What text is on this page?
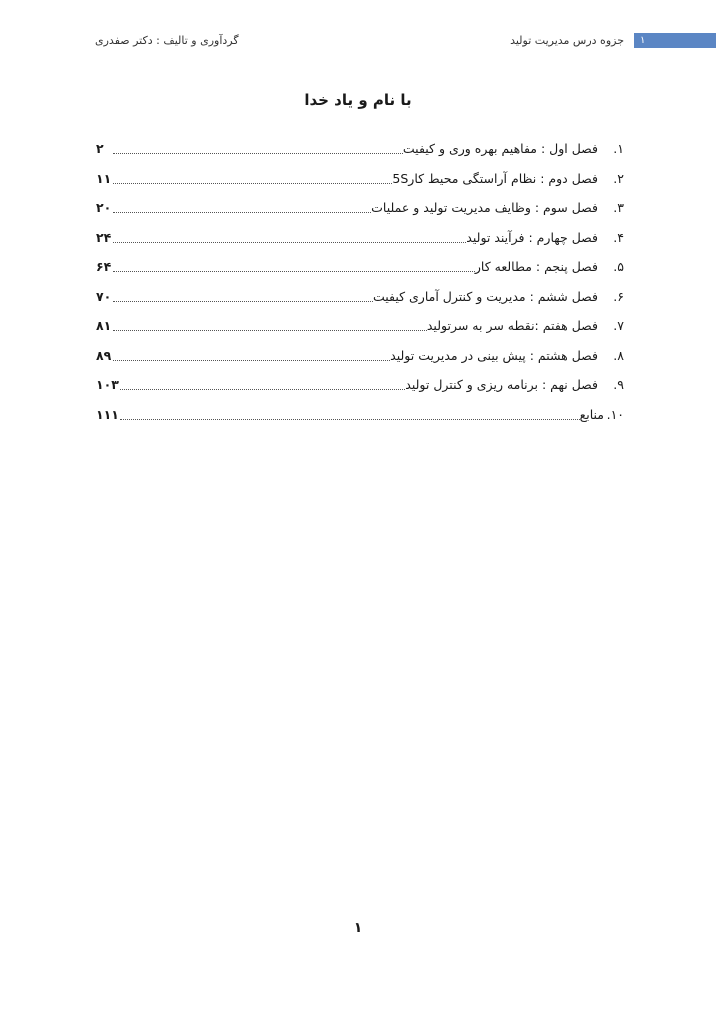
۱
جزوه درس مدیریت تولید
گردآوری و تالیف : دکتر صفدری
با نام و یاد خدا
۱.
فصل اول : مفاهیم بهره وری و کیفیت
۲
۲.
فصل دوم : نظام آراستگی محیط کار5S
۱۱
۳.
فصل سوم : وظایف مدیریت تولید و عملیات
۲۰
۴.
فصل چهارم : فرآیند تولید
۲۴
۵.
فصل پنجم : مطالعه کار
۶۴
۶.
فصل ششم : مدیریت و کنترل آماری کیفیت
۷۰
۷.
فصل هفتم :نقطه سر به سرتولید
۸۱
۸.
فصل هشتم : پیش بینی در مدیریت تولید
۸۹
۹.
فصل نهم : برنامه ریزی و کنترل تولید
۱۰۳
۱۰.
منابع
۱۱۱
۱
